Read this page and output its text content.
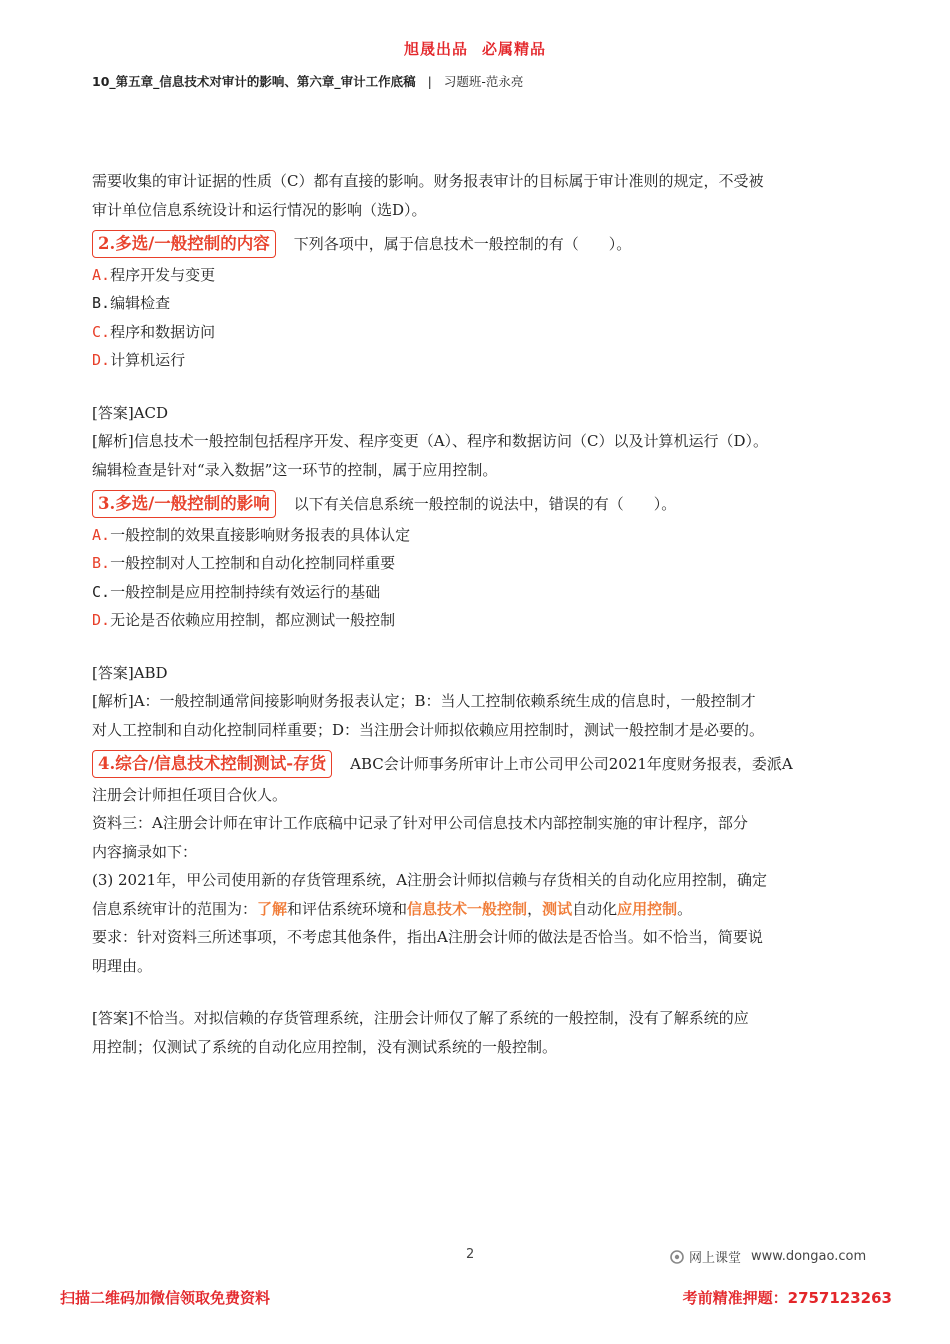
旭晟出品 必属精品
10_第五章_信息技术对审计的影响、第六章_审计工作底稿 | 习题班-范永亮

需要收集的审计证据的性质（C）都有直接的影响。财务报表审计的目标属于审计准则的规定，不受被

审计单位信息系统设计和运行情况的影响（选D）。

2.多选/一般控制的内容	下列各项中，属于信息技术一般控制的有（　　）。

A.程序开发与变更

B.编辑检查

C.程序和数据访问

D.计算机运行

[答案]ACD

[解析]信息技术一般控制包括程序开发、程序变更（A）、程序和数据访问（C）以及计算机运行（D）。

编辑检查是针对“录入数据”这一环节的控制，属于应用控制。

3.多选/一般控制的影响	以下有关信息系统一般控制的说法中，错误的有（　　）。

A.一般控制的效果直接影响财务报表的具体认定

B.一般控制对人工控制和自动化控制同样重要

C.一般控制是应用控制持续有效运行的基础

D.无论是否依赖应用控制，都应测试一般控制

[答案]ABD

[解析]A：一般控制通常间接影响财务报表认定；B：当人工控制依赖系统生成的信息时，一般控制才

对人工控制和自动化控制同样重要；D：当注册会计师拟依赖应用控制时，测试一般控制才是必要的。

4.综合/信息技术控制测试-存货	ABC会计师事务所审计上市公司甲公司2021年度财务报表，委派A

注册会计师担任项目合伙人。

资料三：A注册会计师在审计工作底稿中记录了针对甲公司信息技术内部控制实施的审计程序，部分

内容摘录如下：

(3) 2021年，甲公司使用新的存货管理系统，A注册会计师拟信赖与存货相关的自动化应用控制，确定

信息系统审计的范围为：了解和评估系统环境和信息技术一般控制，测试自动化应用控制。

要求：针对资料三所述事项，不考虑其他条件，指出A注册会计师的做法是否恰当。如不恰当，简要说

明理由。

[答案]不恰当。对拟信赖的存货管理系统，注册会计师仅了解了系统的一般控制，没有了解系统的应

用控制；仅测试了系统的自动化应用控制，没有测试系统的一般控制。

2	网上课堂 www.dongao.com
扫描二维码加微信领取免费资料	考前精准押题：2757123263
